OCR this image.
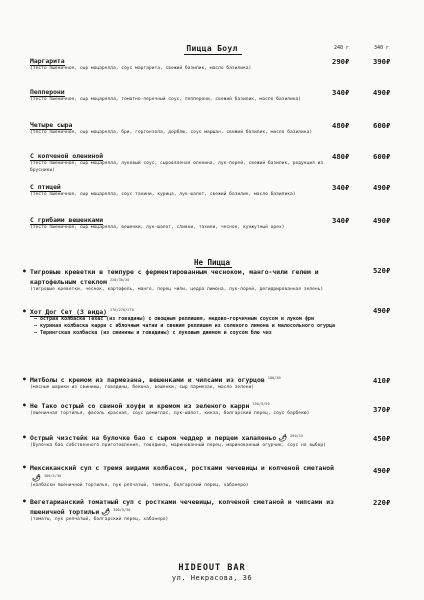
Пицца Боул	240 г	340 г
Маргарита
(тесто пшеничное, сыр моцарелла, соус маргарита, свежий базилик, масло базилика)
290₽	390₽
Пепперони
(тесто пшеничное, сыр моцарелла, томатно-перечный соус, пепперони, свежий базилик, масло базилика)
340₽	490₽
Четыре сыра
(тесто пшеничное, сыр моцарелла, бри, горгонзола, дорблю, соус маршан, свежий базилик, масло базилика)
480₽	600₽
С копченой олениной
(тесто пшеничное, сыр моцарелла, луковый соус, сыровяленая оленина, лук-порей, свежий базилик, редукция из брусники)
480₽	600₽
С птицей
(тесто пшеничное, сыр моцарелла, соус тахини, курица, лук-шалот, свежий базилик, масло базилика)
340₽	490₽
С грибами вешенками
(тесто пшеничное, сыр моцарелла, вешенки, лук-шалот, сливки, тахини, чеснок, кунжутный орех)
340₽	490₽
Не Пицца
• Тигровые креветки в темпуре с ферментированным чесноком, манго-чили гелем и картофельным стеклом $^{220/30/20}$
(тигровые креветки, чеснок, картофель, манго, перец чили, цедра лимона, лук-порей, дегидрированная зелень)
520₽
• Хот Дог Сет (3 вида) $^{270/270/270}$
– острая колбаска Техас (из говядины) с овощным реллишем, медово-горчичным соусом и луком фри
– куриная колбаска карри с яблочным чатни и свежим реллишем из соленого лимона и малосольного огурца
– Тюрингская колбаска (из свинины и говядины) с луковым джемом и соусом блю чиз
490₽
• Митболы с кремом из пармезана, вешенками и чипсами из огурцов $^{180/30}$
(мясные шарики из свинины, говядины, бекона, вешенки, сыр пармезан, масло зелени)
410₽
• Не Тако острый со свиной хоуфи и кремом из зеленого карри $^{150/5/50}$
(пшеничная тортилья, фасоль красная, соус демиглас, лук-шалот, кинза, болгарский перец, соус барбекю)	370₽
• Острый чизстейк на булочке бао с сыром чеддер и перцем халапеньо 🌶 $^{200/15}$
(булочка бао собственного приготовления, говядина, маринованный перец, маринованный огурчик, соус на выбор)
450₽
• Мексиканский суп с тремя видами колбасок, ростками чечевицы и копченой сметаной🌶 $^{300/5/30}$
(колбаски пшеничной тортилья, лук репчатый, томаты, болгарский перец, хабанеро)
490₽
• Вегетарианский томатный суп с ростками чечевицы, копченой сметаной и чипсами из пшеничной тортильи 🌶 $^{300/5/30}$
(томаты, лук репчатый, болгарский перец, хабанеро)
220₽
HIDEOUT BAR
ул. Некрасова, 36
